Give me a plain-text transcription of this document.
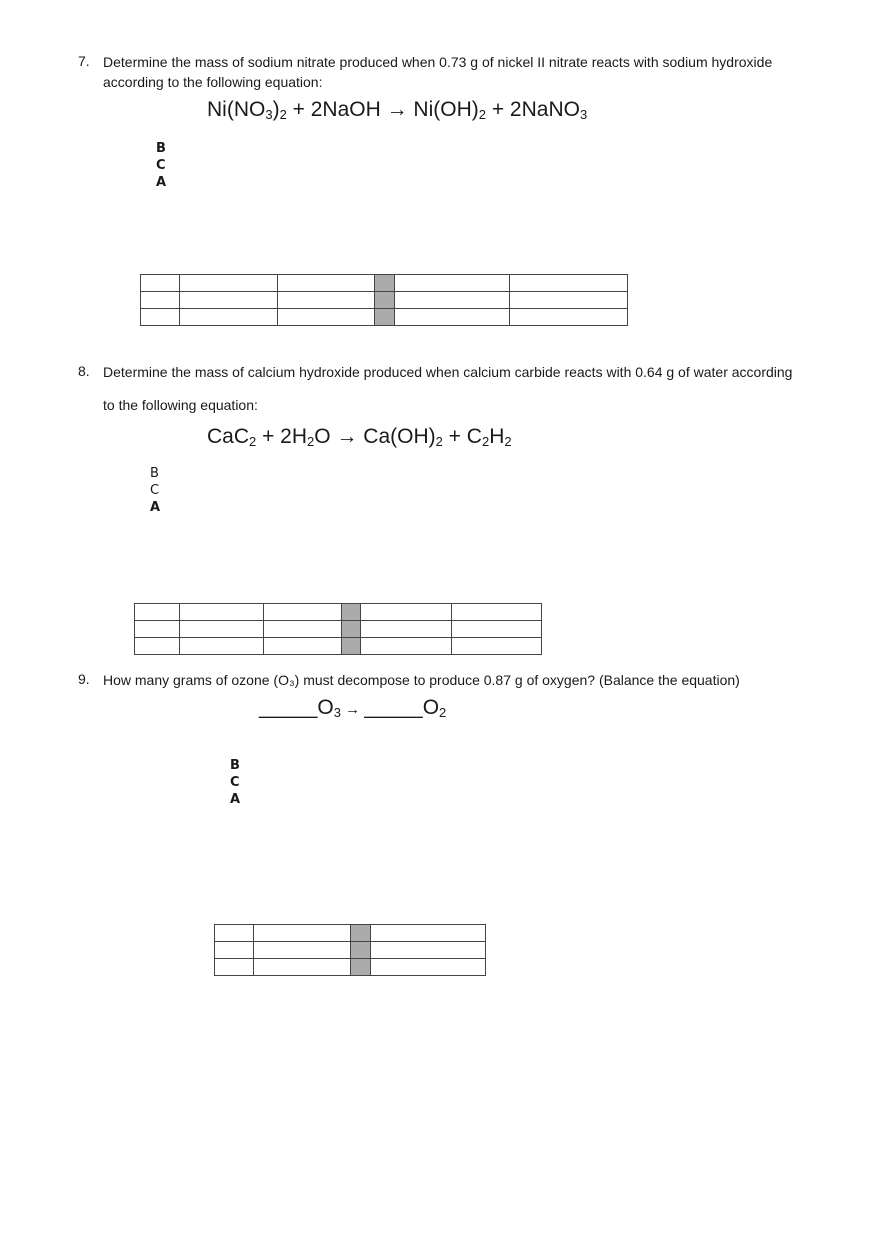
7. Determine the mass of sodium nitrate produced when 0.73 g of nickel II nitrate reacts with sodium hydroxide
according to the following equation:
$Ni(NO_3)_2$ + 2NaOH → $Ni(OH)_2$ + 2NaNO$_3$
B
C
A

8. Determine the mass of calcium hydroxide produced when calcium carbide reacts with 0.64 g of water according
to the following equation:
$CaC_2 + 2H_2O \to Ca(OH)_2 + C_2H_2$
B
C
A

9. How many grams of ozone (O₃) must decompose to produce 0.87 g of oxygen? (Balance the equation)
$\_\_\_\_\_O_3$ → $\_\_\_\_\_O_2$
B
C
A
